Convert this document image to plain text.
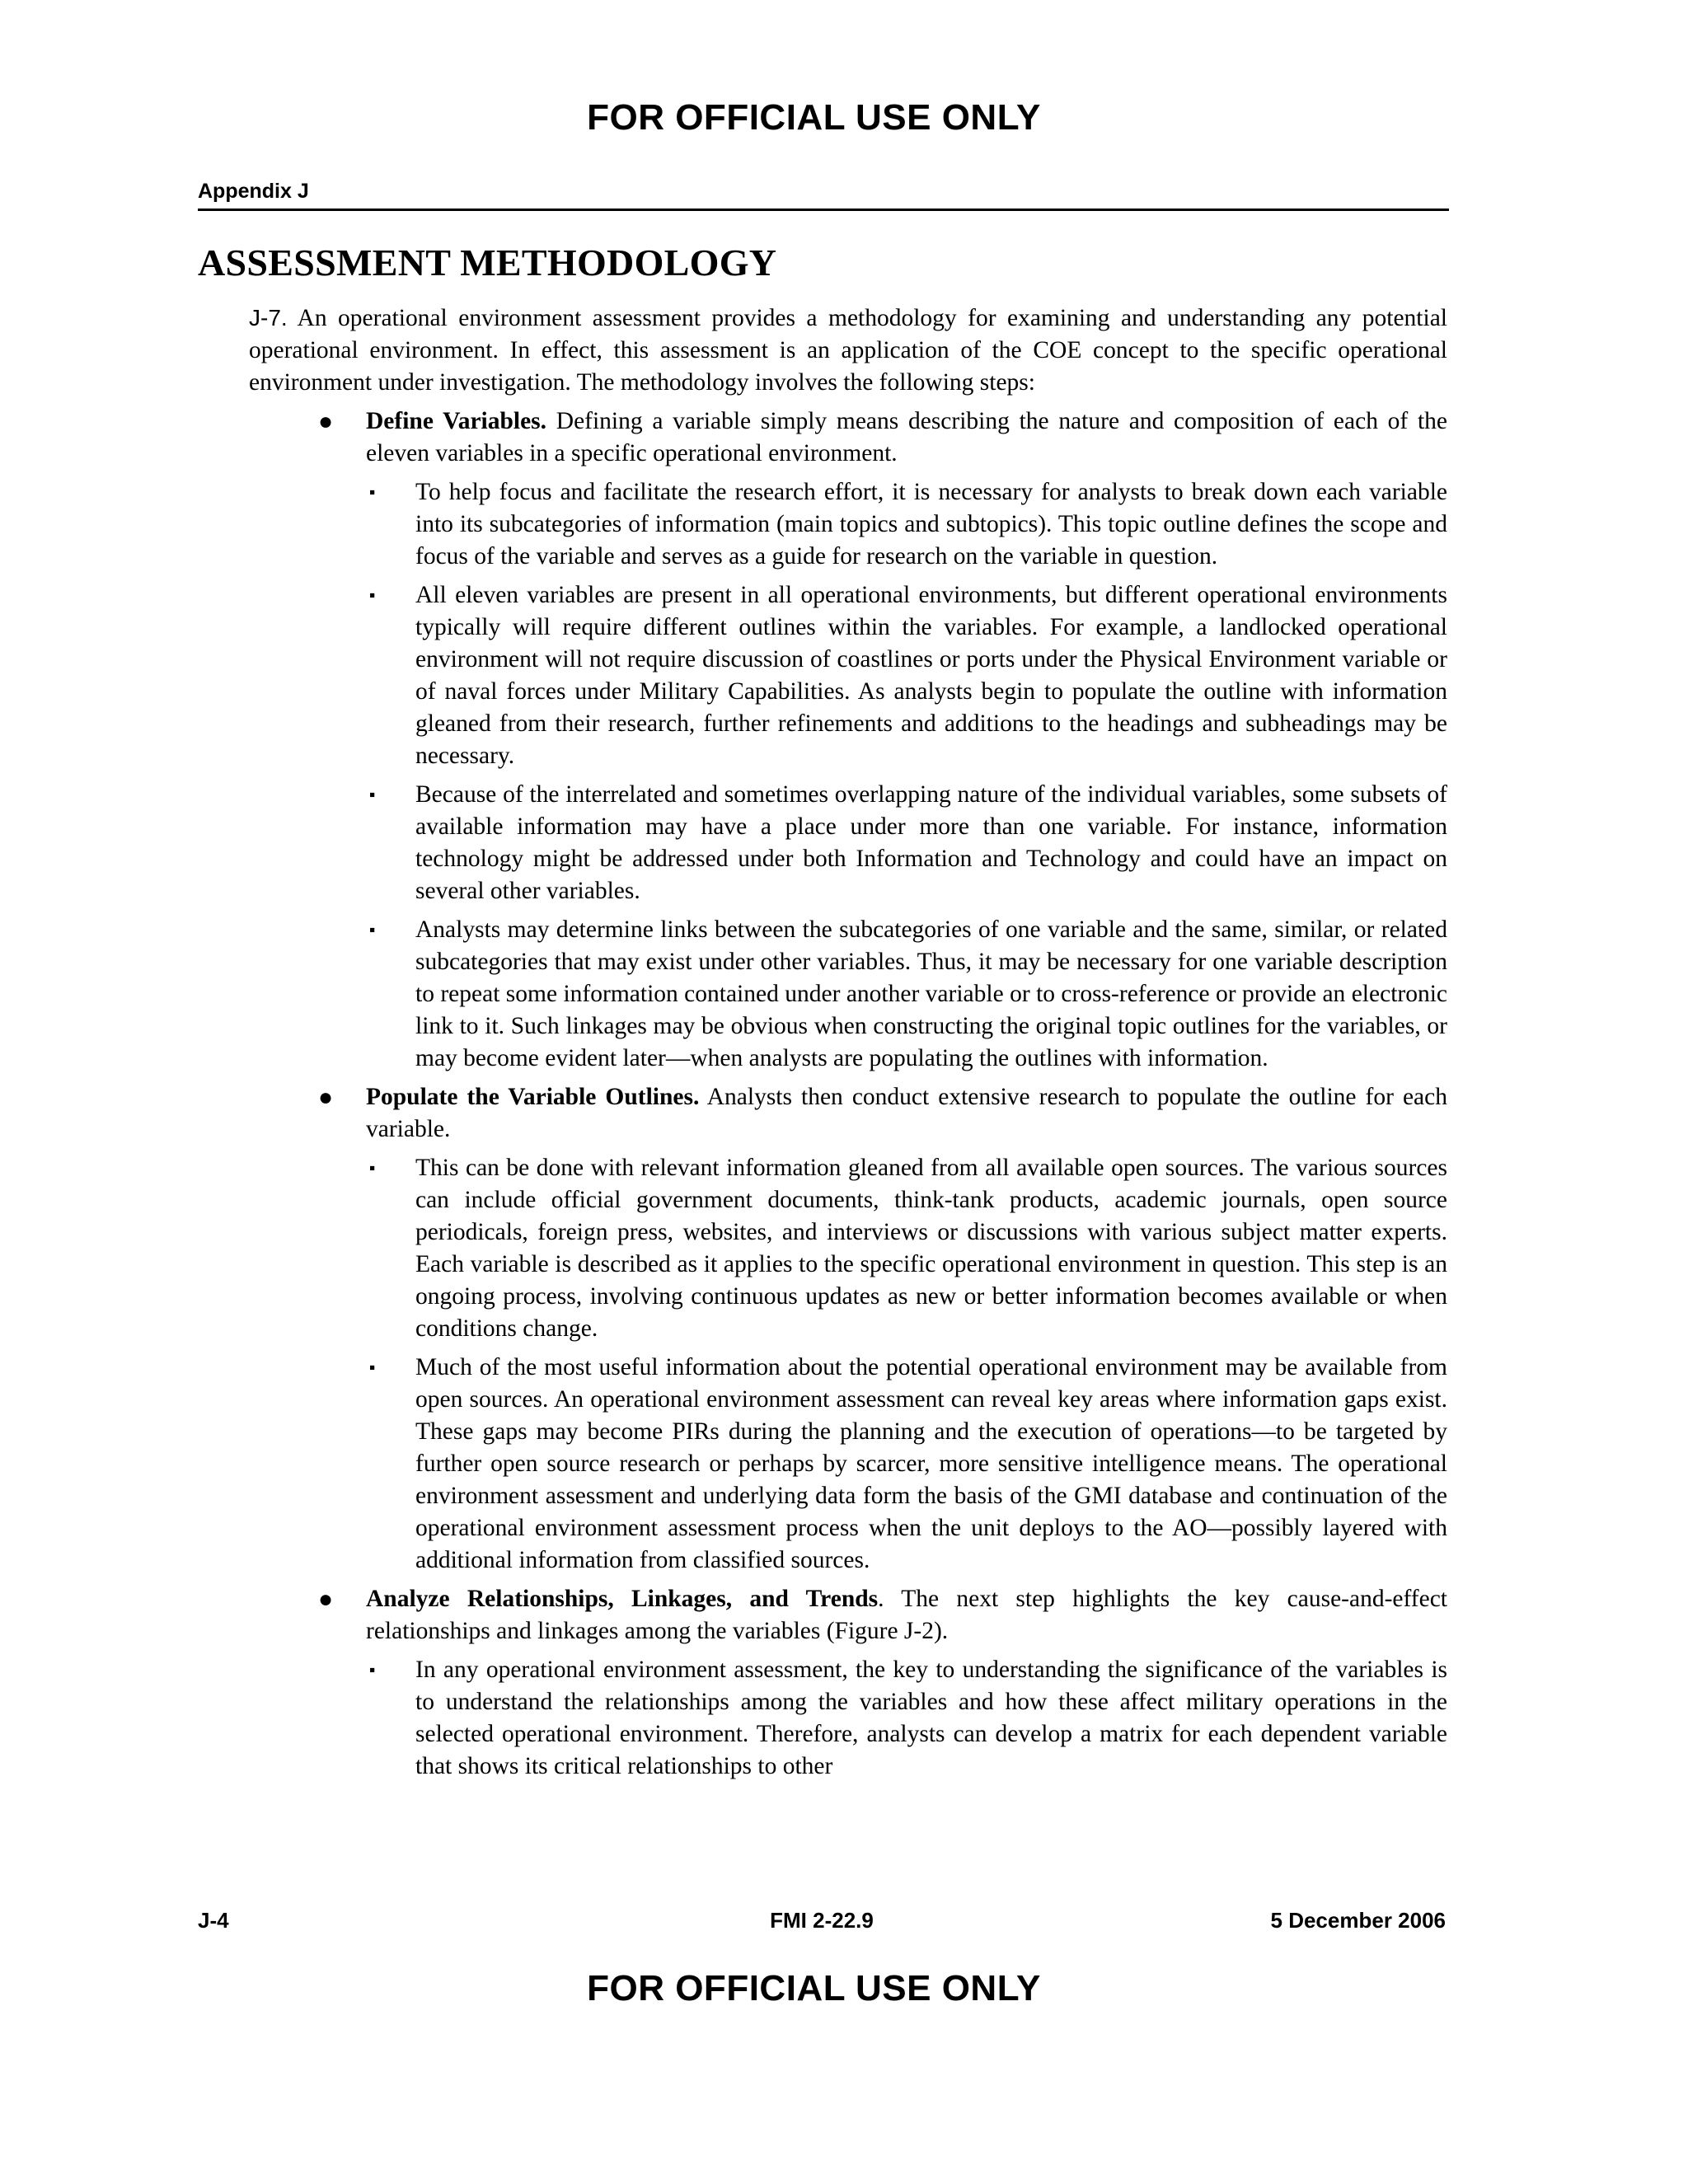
FOR OFFICIAL USE ONLY
Appendix J
ASSESSMENT METHODOLOGY

J-7. An operational environment assessment provides a methodology for examining and understanding any potential operational environment. In effect, this assessment is an application of the COE concept to the specific operational environment under investigation. The methodology involves the following steps:

● Define Variables. Defining a variable simply means describing the nature and composition of each of the eleven variables in a specific operational environment.
▪ To help focus and facilitate the research effort, it is necessary for analysts to break down each variable into its subcategories of information (main topics and subtopics). This topic outline defines the scope and focus of the variable and serves as a guide for research on the variable in question.
▪ All eleven variables are present in all operational environments, but different operational environments typically will require different outlines within the variables. For example, a landlocked operational environment will not require discussion of coastlines or ports under the Physical Environment variable or of naval forces under Military Capabilities. As analysts begin to populate the outline with information gleaned from their research, further refinements and additions to the headings and subheadings may be necessary.
▪ Because of the interrelated and sometimes overlapping nature of the individual variables, some subsets of available information may have a place under more than one variable. For instance, information technology might be addressed under both Information and Technology and could have an impact on several other variables.
▪ Analysts may determine links between the subcategories of one variable and the same, similar, or related subcategories that may exist under other variables. Thus, it may be necessary for one variable description to repeat some information contained under another variable or to cross-reference or provide an electronic link to it. Such linkages may be obvious when constructing the original topic outlines for the variables, or may become evident later—when analysts are populating the outlines with information.
● Populate the Variable Outlines. Analysts then conduct extensive research to populate the outline for each variable.
▪ This can be done with relevant information gleaned from all available open sources. The various sources can include official government documents, think-tank products, academic journals, open source periodicals, foreign press, websites, and interviews or discussions with various subject matter experts. Each variable is described as it applies to the specific operational environment in question. This step is an ongoing process, involving continuous updates as new or better information becomes available or when conditions change.
▪ Much of the most useful information about the potential operational environment may be available from open sources. An operational environment assessment can reveal key areas where information gaps exist. These gaps may become PIRs during the planning and the execution of operations—to be targeted by further open source research or perhaps by scarcer, more sensitive intelligence means. The operational environment assessment and underlying data form the basis of the GMI database and continuation of the operational environment assessment process when the unit deploys to the AO—possibly layered with additional information from classified sources.
● Analyze Relationships, Linkages, and Trends. The next step highlights the key cause-and-effect relationships and linkages among the variables (Figure J-2).
▪ In any operational environment assessment, the key to understanding the significance of the variables is to understand the relationships among the variables and how these affect military operations in the selected operational environment. Therefore, analysts can develop a matrix for each dependent variable that shows its critical relationships to other
J-4	FMI 2-22.9	5 December 2006
FOR OFFICIAL USE ONLY
